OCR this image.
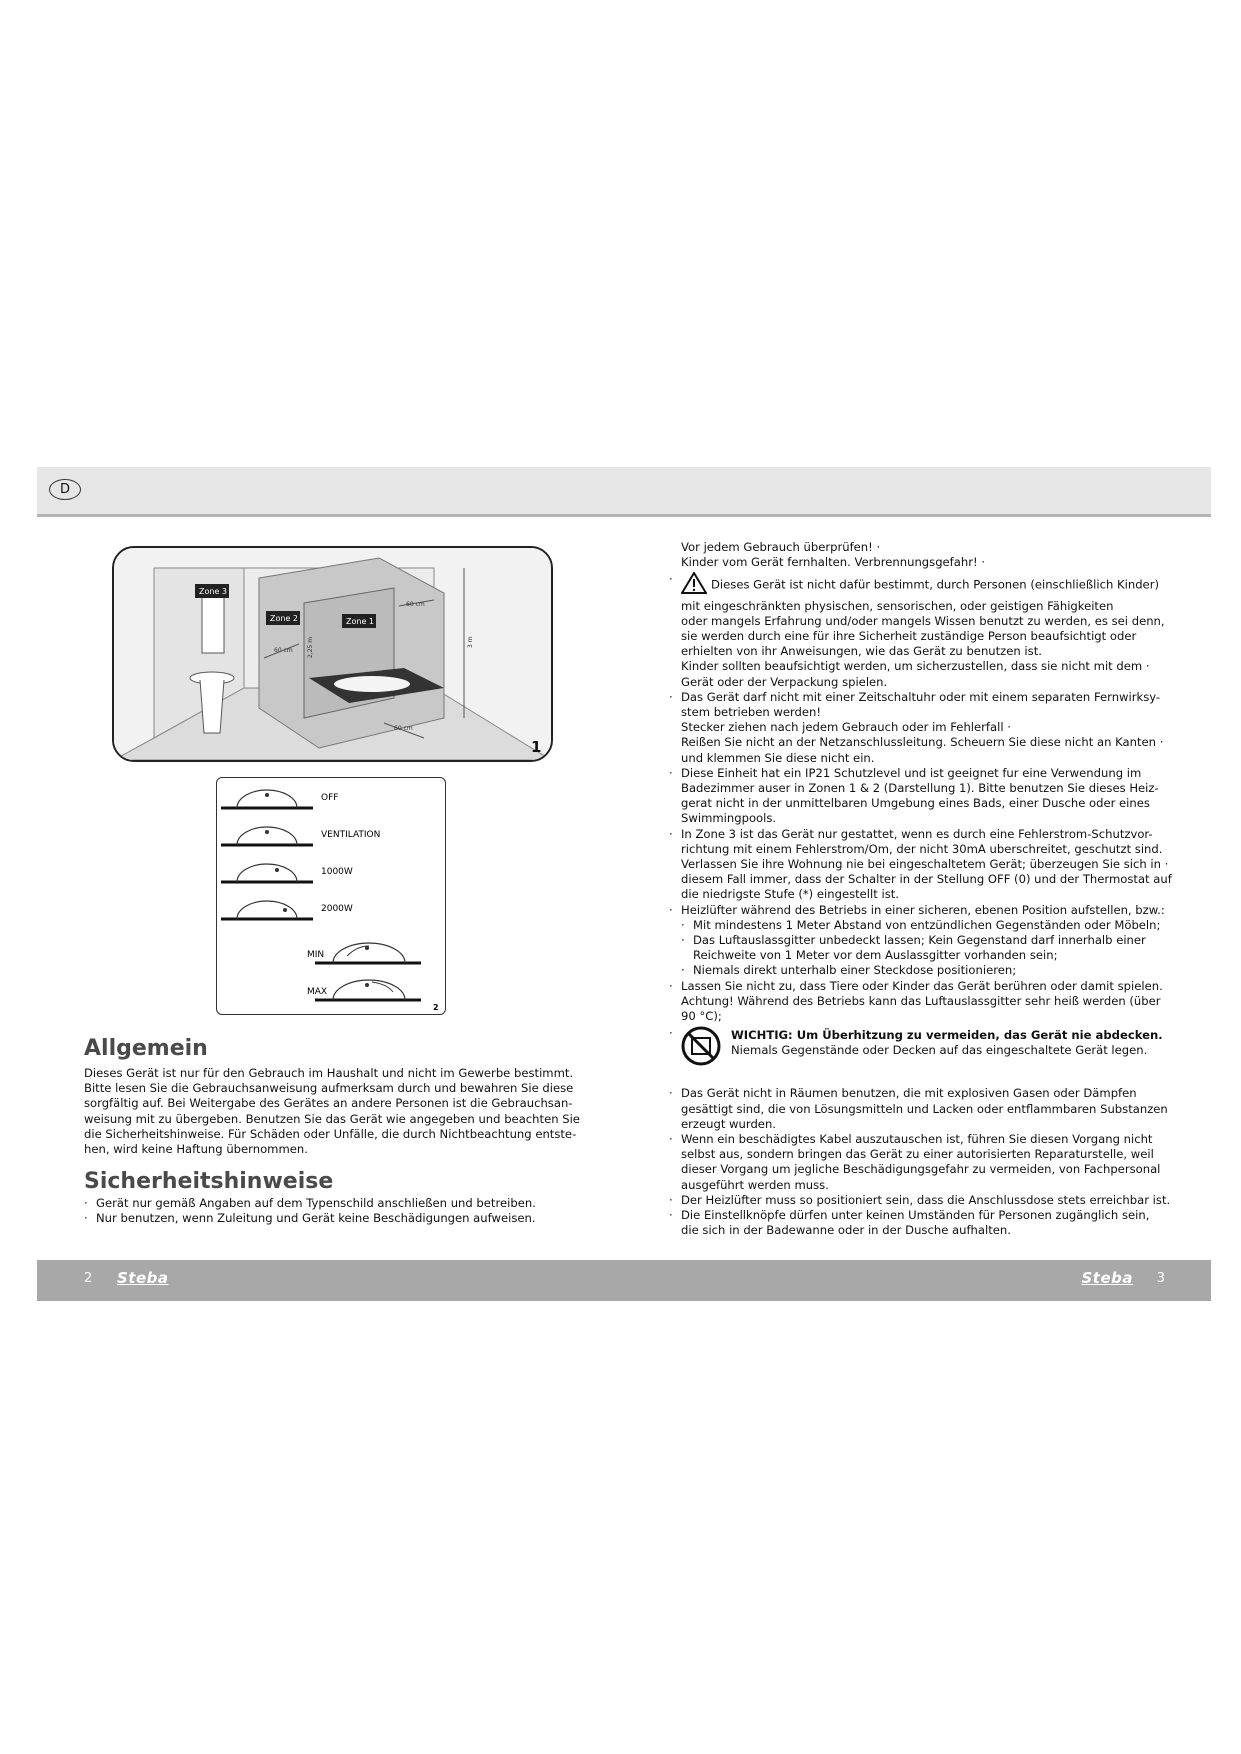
D
Zone 3
Zone 2	Zone 1
60 cm 2,25 m
60 cm
3 m
60 cm
1
OFF
VENTILATION
1000W
2000W
MIN
MAX
2
Allgemein
Dieses Gerät ist nur für den Gebrauch im Haushalt und nicht im Gewerbe bestimmt.
Bitte lesen Sie die Gebrauchsanweisung aufmerksam durch und bewahren Sie diese
sorgfältig auf. Bei Weitergabe des Gerätes an andere Personen ist die Gebrauchsan-
weisung mit zu übergeben. Benutzen Sie das Gerät wie angegeben und beachten Sie
die Sicherheitshinweise. Für Schäden oder Unfälle, die durch Nichtbeachtung entste-
hen, wird keine Haftung übernommen.
Sicherheitshinweise
· Gerät nur gemäß Angaben auf dem Typenschild anschließen und betreiben.
· Nur benutzen, wenn Zuleitung und Gerät keine Beschädigungen aufweisen.
Vor jedem Gebrauch überprüfen! ·
Kinder vom Gerät fernhalten. Verbrennungsgefahr! ·
·	Dieses Gerät ist nicht dafür bestimmt, durch Personen (einschließlich Kinder)
mit eingeschränkten physischen, sensorischen, oder geistigen Fähigkeiten
oder mangels Erfahrung und/oder mangels Wissen benutzt zu werden, es sei denn,
sie werden durch eine für ihre Sicherheit zuständige Person beaufsichtigt oder
erhielten von ihr Anweisungen, wie das Gerät zu benutzen ist.
Kinder sollten beaufsichtigt werden, um sicherzustellen, dass sie nicht mit dem ·
Gerät oder der Verpackung spielen.
· Das Gerät darf nicht mit einer Zeitschaltuhr oder mit einem separaten Fernwirksy-
stem betrieben werden!
Stecker ziehen nach jedem Gebrauch oder im Fehlerfall ·
Reißen Sie nicht an der Netzanschlussleitung. Scheuern Sie diese nicht an Kanten ·
und klemmen Sie diese nicht ein.
· Diese Einheit hat ein IP21 Schutzlevel und ist geeignet fur eine Verwendung im
Badezimmer auser in Zonen 1 & 2 (Darstellung 1). Bitte benutzen Sie dieses Heiz-
gerat nicht in der unmittelbaren Umgebung eines Bads, einer Dusche oder eines
Swimmingpools.
· In Zone 3 ist das Gerät nur gestattet, wenn es durch eine Fehlerstrom-Schutzvor-
richtung mit einem Fehlerstrom/Om, der nicht 30mA uberschreitet, geschutzt sind.
Verlassen Sie ihre Wohnung nie bei eingeschaltetem Gerät; überzeugen Sie sich in ·
diesem Fall immer, dass der Schalter in der Stellung OFF (0) und der Thermostat auf
die niedrigste Stufe (*) eingestellt ist.
· Heizlüfter während des Betriebs in einer sicheren, ebenen Position aufstellen, bzw.:
· Mit mindestens 1 Meter Abstand von entzündlichen Gegenständen oder Möbeln;
· Das Luftauslassgitter unbedeckt lassen; Kein Gegenstand darf innerhalb einer
Reichweite von 1 Meter vor dem Auslassgitter vorhanden sein;
· Niemals direkt unterhalb einer Steckdose positionieren;
· Lassen Sie nicht zu, dass Tiere oder Kinder das Gerät berühren oder damit spielen.
Achtung! Während des Betriebs kann das Luftauslassgitter sehr heiß werden (über
90 °C);
·	WICHTIG: Um Überhitzung zu vermeiden, das Gerät nie abdecken.
Niemals Gegenstände oder Decken auf das eingeschaltete Gerät legen.
· Das Gerät nicht in Räumen benutzen, die mit explosiven Gasen oder Dämpfen
gesättigt sind, die von Lösungsmitteln und Lacken oder entflammbaren Substanzen
erzeugt wurden.
· Wenn ein beschädigtes Kabel auszutauschen ist, führen Sie diesen Vorgang nicht
selbst aus, sondern bringen das Gerät zu einer autorisierten Reparaturstelle, weil
dieser Vorgang um jegliche Beschädigungsgefahr zu vermeiden, von Fachpersonal
ausgeführt werden muss.
· Der Heizlüfter muss so positioniert sein, dass die Anschlussdose stets erreichbar ist.
· Die Einstellknöpfe dürfen unter keinen Umständen für Personen zugänglich sein,
die sich in der Badewanne oder in der Dusche aufhalten.
2 Steba	Steba 3
